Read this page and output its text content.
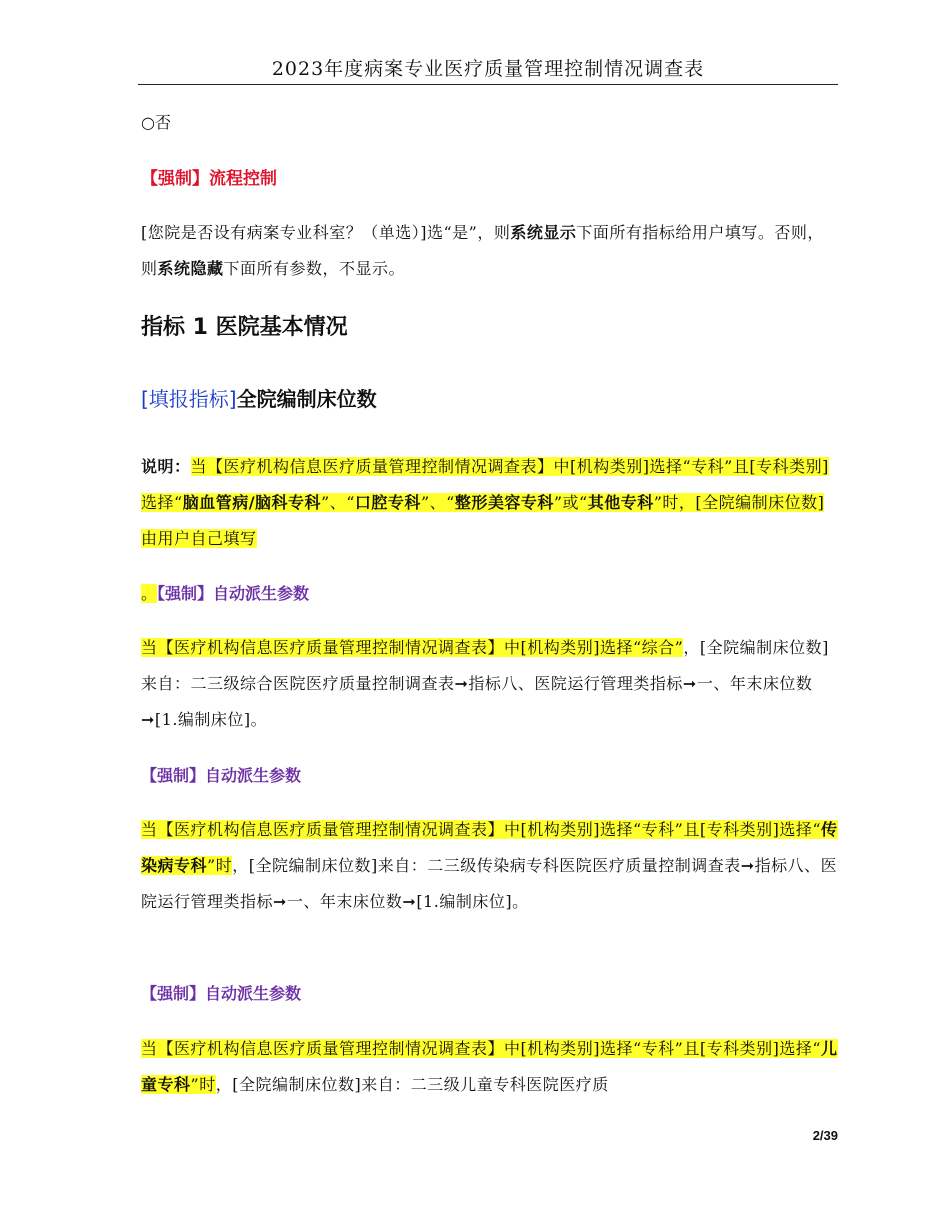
2023年度病案专业医疗质量管理控制情况调查表
○否
【强制】流程控制
[您院是否设有病案专业科室？（单选）]选“是”，则系统显示下面所有指标给用户填写。否则，则系统隐藏下面所有参数，不显示。
指标 1 医院基本情况
[填报指标]全院编制床位数
说明：当【医疗机构信息医疗质量管理控制情况调查表】中[机构类别]选择“专科”且[专科类别]选择“脑血管病/脑科专科”、“口腔专科”、“整形美容专科”或“其他专科”时，[全院编制床位数]由用户自己填写
。【强制】自动派生参数
当【医疗机构信息医疗质量管理控制情况调查表】中[机构类别]选择“综合”，[全院编制床位数]来自：二三级综合医院医疗质量控制调查表➞指标八、医院运行管理类指标➞一、年末床位数➞[1.编制床位]。
【强制】自动派生参数
当【医疗机构信息医疗质量管理控制情况调查表】中[机构类别]选择“专科”且[专科类别]选择“传染病专科”时，[全院编制床位数]来自：二三级传染病专科医院医疗质量控制调查表➞指标八、医院运行管理类指标➞一、年末床位数➞[1.编制床位]。
【强制】自动派生参数
当【医疗机构信息医疗质量管理控制情况调查表】中[机构类别]选择“专科”且[专科类别]选择“儿童专科”时，[全院编制床位数]来自：二三级儿童专科医院医疗质
2/39
